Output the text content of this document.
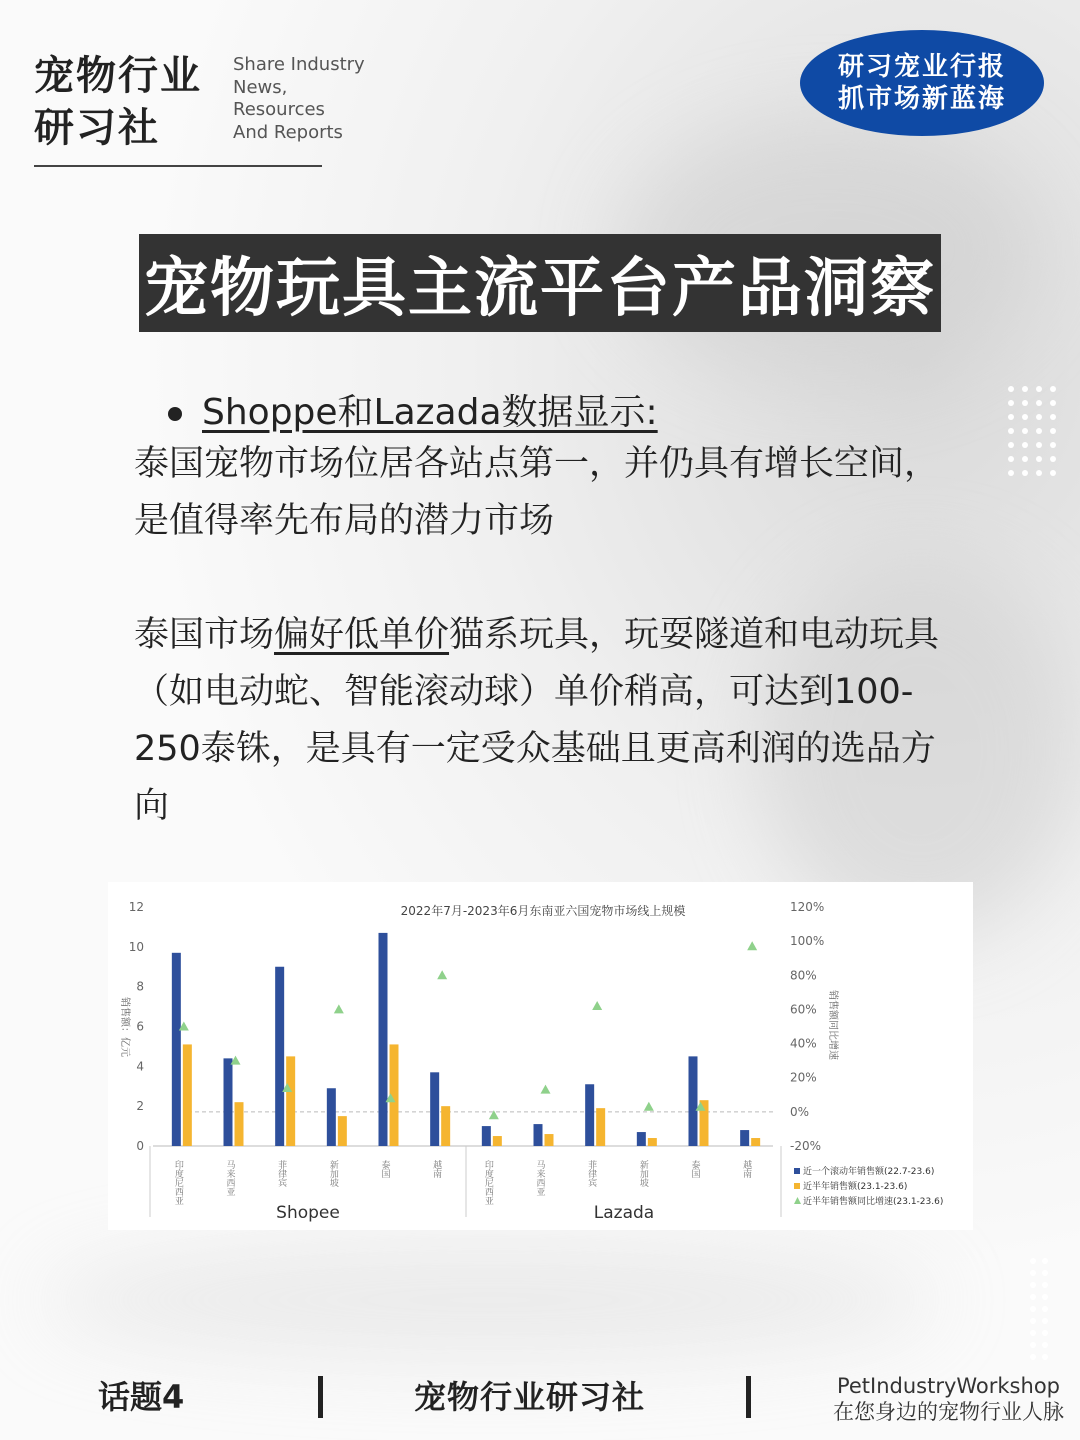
宠物行业
研习社
Share Industry
News,
Resources
And Reports
研习宠业行报
抓市场新蓝海
宠物玩具主流平台产品洞察
Shoppe和Lazada数据显示:

泰国宠物市场位居各站点第一，并仍具有增长空间，是值得率先布局的潜力市场

泰国市场偏好低单价猫系玩具，玩耍隧道和电动玩具（如电动蛇、智能滚动球）单价稍高，可达到100-250泰铢，是具有一定受众基础且更高利润的选品方向

2022年7月-2023年6月东南亚六国宠物市场线上规模
0
2
4
6
8
10
12
-20%
0%
20%
40%
60%
80%
100%
120%
销售额：亿元	销售额同比增速
印度尼西亚	马来西亚	菲律宾	新加坡	泰国	越南	印度尼西亚	马来西亚	菲律宾	新加坡	泰国	越南
Shopee	Lazada
近一个滚动年销售额(22.7-23.6)
近半年销售额(23.1-23.6)
近半年销售额同比增速(23.1-23.6)
话题4	宠物行业研习社	PetIndustryWorkshop
在您身边的宠物行业人脉
